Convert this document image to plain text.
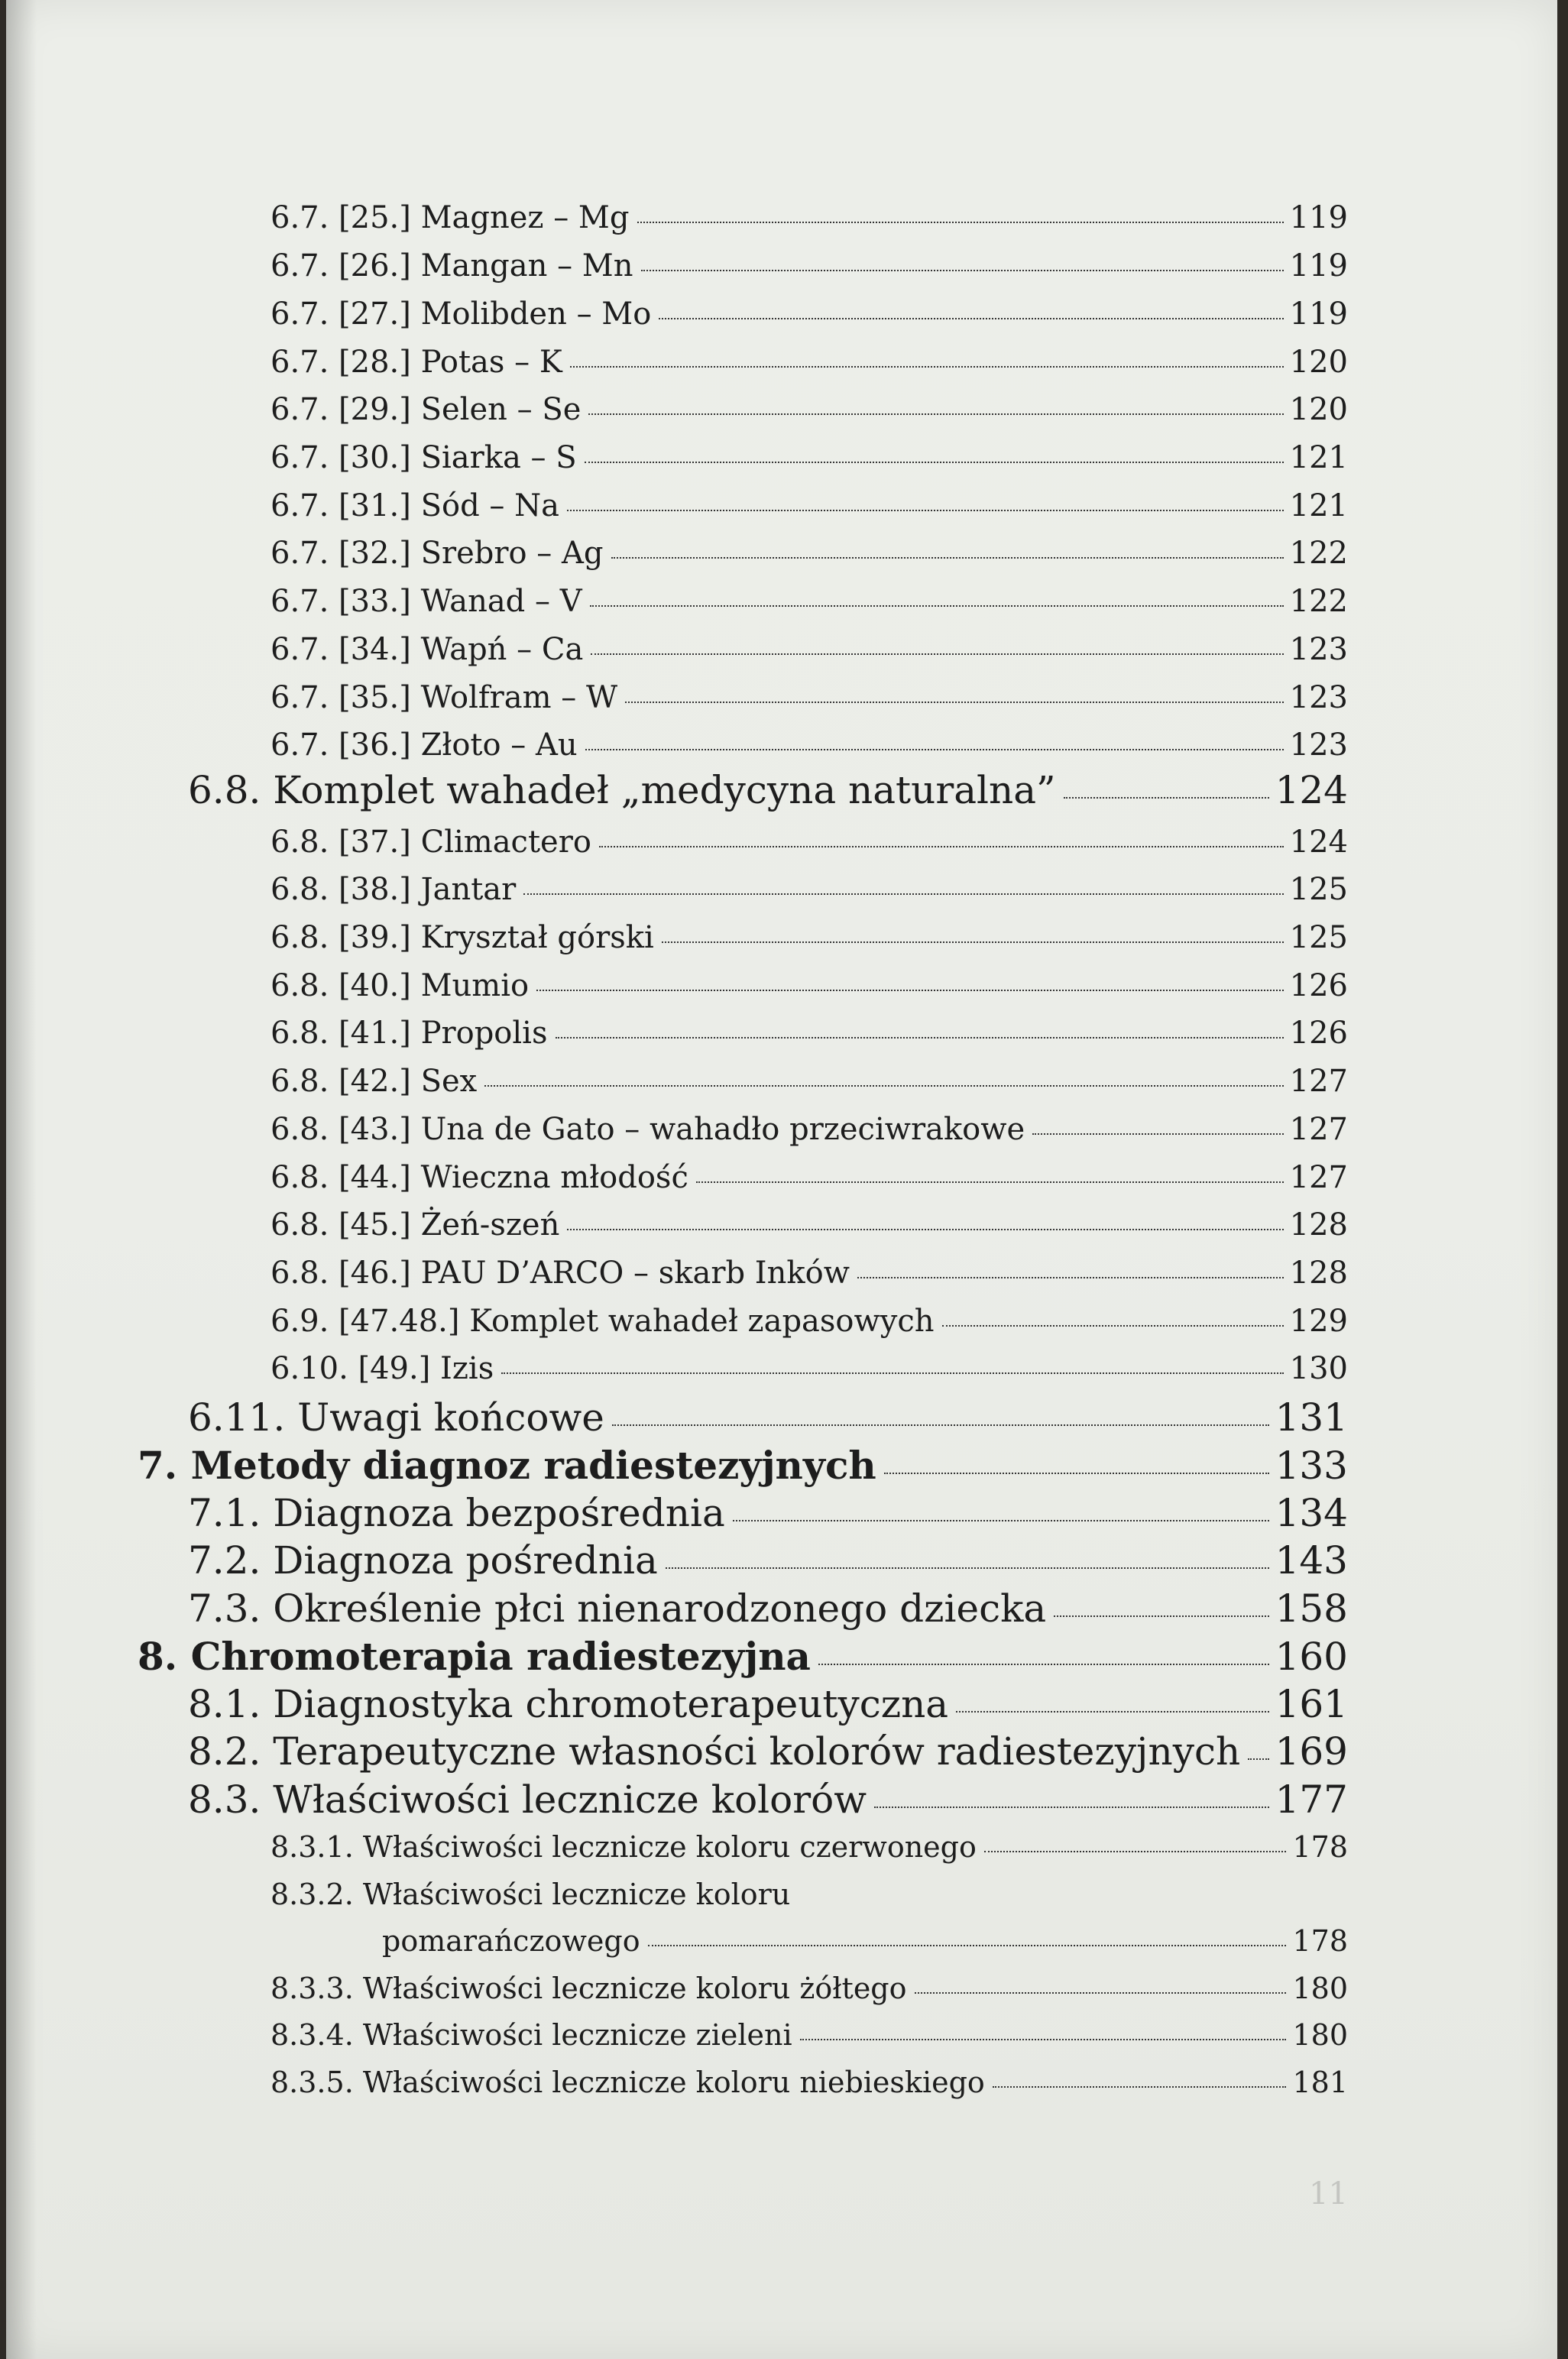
6.7. [25.] Magnez – Mg	119
6.7. [26.] Mangan – Mn	119
6.7. [27.] Molibden – Mo	119
6.7. [28.] Potas – K	120
6.7. [29.] Selen – Se	120
6.7. [30.] Siarka – S	121
6.7. [31.] Sód – Na	121
6.7. [32.] Srebro – Ag	122
6.7. [33.] Wanad – V	122
6.7. [34.] Wapń – Ca	123
6.7. [35.] Wolfram – W	123
6.7. [36.] Złoto – Au	123
6.8. Komplet wahadeł „medycyna naturalna”	124
6.8. [37.] Climactero	124
6.8. [38.] Jantar	125
6.8. [39.] Kryształ górski	125
6.8. [40.] Mumio	126
6.8. [41.] Propolis	126
6.8. [42.] Sex	127
6.8. [43.] Una de Gato – wahadło przeciwrakowe	127
6.8. [44.] Wieczna młodość	127
6.8. [45.] Żeń-szeń	128
6.8. [46.] PAU D’ARCO – skarb Inków	128
6.9. [47.48.] Komplet wahadeł zapasowych	129
6.10. [49.] Izis	130
6.11. Uwagi końcowe	131
7. Metody diagnoz radiestezyjnych	133
7.1. Diagnoza bezpośrednia	134
7.2. Diagnoza pośrednia	143
7.3. Określenie płci nienarodzonego dziecka	158
8. Chromoterapia radiestezyjna	160
8.1. Diagnostyka chromoterapeutyczna	161
8.2. Terapeutyczne własności kolorów radiestezyjnych 169
8.3. Właściwości lecznicze kolorów	177
8.3.1. Właściwości lecznicze koloru czerwonego	178
8.3.2. Właściwości lecznicze koloru
pomarańczowego	178
8.3.3. Właściwości lecznicze koloru żółtego	180
8.3.4. Właściwości lecznicze zieleni	180
8.3.5. Właściwości lecznicze koloru niebieskiego	181
11
